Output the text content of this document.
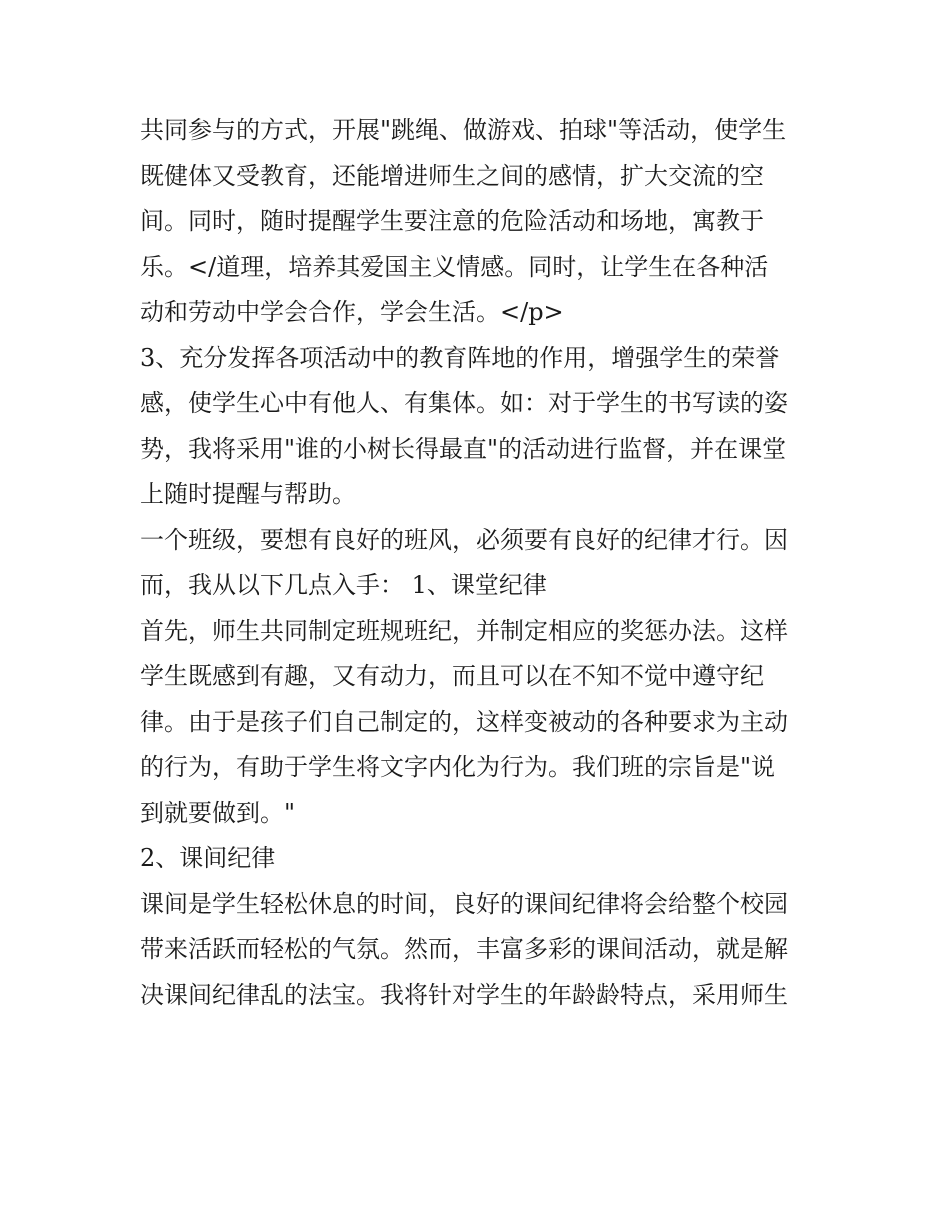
共同参与的方式，开展"跳绳、做游戏、拍球"等活动，使学生
既健体又受教育，还能增进师生之间的感情，扩大交流的空
间。同时，随时提醒学生要注意的危险活动和场地，寓教于
乐。</道理，培养其爱国主义情感。同时，让学生在各种活
动和劳动中学会合作，学会生活。</p>
3、充分发挥各项活动中的教育阵地的作用，增强学生的荣誉
感，使学生心中有他人、有集体。如：对于学生的书写读的姿
势，我将采用"谁的小树长得最直"的活动进行监督，并在课堂
上随时提醒与帮助。
一个班级，要想有良好的班风，必须要有良好的纪律才行。因
而，我从以下几点入手： 1、课堂纪律
首先，师生共同制定班规班纪，并制定相应的奖惩办法。这样
学生既感到有趣，又有动力，而且可以在不知不觉中遵守纪
律。由于是孩子们自己制定的，这样变被动的各种要求为主动
的行为，有助于学生将文字内化为行为。我们班的宗旨是"说
到就要做到。"
2、课间纪律
课间是学生轻松休息的时间，良好的课间纪律将会给整个校园
带来活跃而轻松的气氛。然而，丰富多彩的课间活动，就是解
决课间纪律乱的法宝。我将针对学生的年龄龄特点，采用师生
